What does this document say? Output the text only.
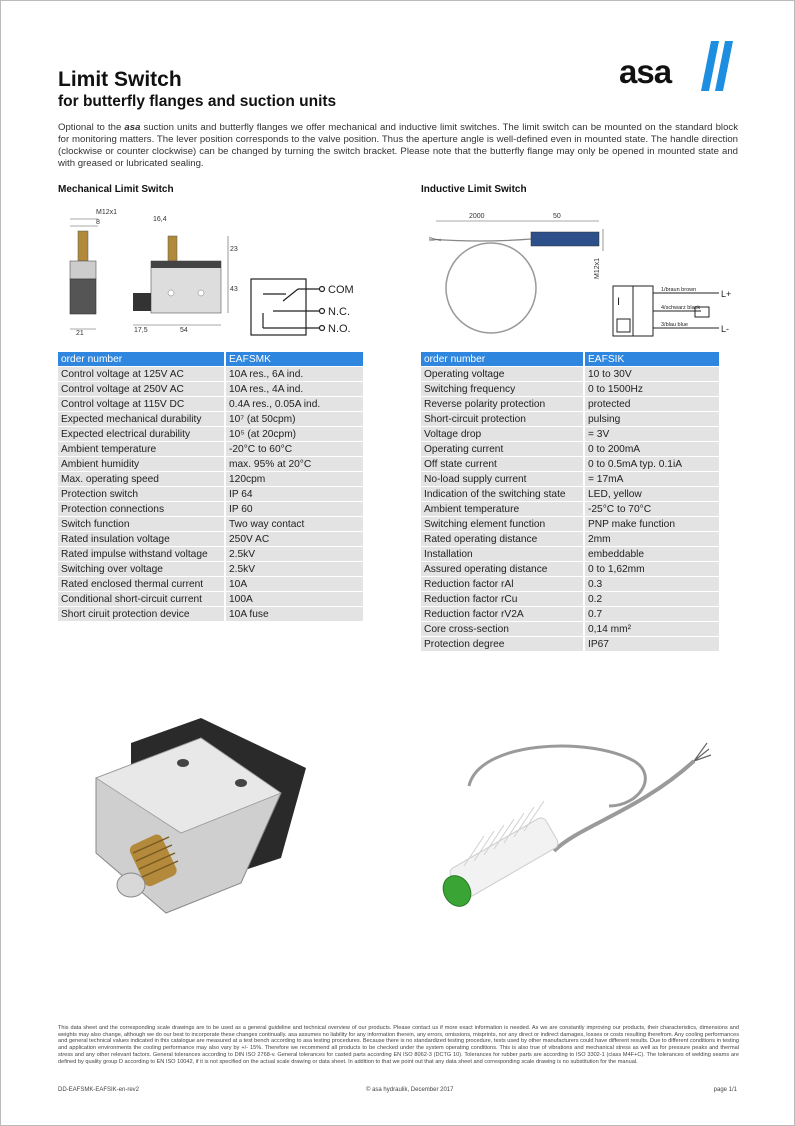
Limit Switch
for butterfly flanges and suction units
asa
Optional to the asa suction units and butterfly flanges we offer mechanical and inductive limit switches. The limit switch can be mounted on the standard block for monitoring matters. The lever position corresponds to the valve position. Thus the aperture angle is well-defined even in mounted state. The handle direction (clockwise or counter clockwise) can be changed by turning the switch bracket. Please note that the butterfly flange may only be opened in mounted state and with greased or lubricated sealing.
Mechanical Limit Switch
M12x1
8
21
16,4
23
43
17,5	54
COM
N.C.
N.O.
order number	EAFSMK
Control voltage at 125V AC	10A res., 6A ind.
Control voltage at 250V AC	10A res., 4A ind.
Control voltage at 115V DC	0.4A res., 0.05A ind.
Expected mechanical durability	10⁷ (at 50cpm)
Expected electrical durability	10⁵ (at 20cpm)
Ambient temperature	-20°C to 60°C
Ambient humidity	max. 95% at 20°C
Max. operating speed	120cpm
Protection switch	IP 64
Protection connections	IP 60
Switch function	Two way contact
Rated insulation voltage	250V AC
Rated impulse withstand voltage	2.5kV
Switching over voltage	2.5kV
Rated enclosed thermal current	10A
Conditional short-circuit current	100A
Short ciruit protection device	10A fuse
Inductive Limit Switch
2000	50
M12x1
I
1/braun brown
4/schwarz black
3/blau blue
L+
L-
order number	EAFSIK
Operating voltage	10 to 30V
Switching frequency	0 to 1500Hz
Reverse polarity protection	protected
Short-circuit protection	pulsing
Voltage drop	= 3V
Operating current	0 to 200mA
Off state current	0 to 0.5mA typ. 0.1iA
No-load supply current	= 17mA
Indication of the switching state	LED, yellow
Ambient temperature	-25°C to 70°C
Switching element function	PNP make function
Rated operating distance	2mm
Installation	embeddable
Assured operating distance	0 to 1,62mm
Reduction factor rAl	0.3
Reduction factor rCu	0.2
Reduction factor rV2A	0.7
Core cross-section	0,14 mm²
Protection degree	IP67
This data sheet and the corresponding scale drawings are to be used as a general guideline and technical overview of our products. Please contact us if more exact information is needed. As we are constantly improving our products, their characteristics, dimensions and weights may also change, although we do our best to incorporate these changes continually. asa assumes no liability for any information therein, any errors, omissions, misprints, nor any direct or indirect damages, losses or costs resulting therefrom. Any cooling performances and general technical values indicated in this catalogue are measured at a test bench according to asa testing procedures. Because there is no standardized testing procedure, tests used by other manufacturers could have different results. Due to different conditions in testing and application environments the cooling performance may also vary by +/- 15%. Therefore we recommend all products to be checked under the system operating conditions. This is also true of vibrations and mechanical stress as well as for pressure peaks and thermal stress and any other relevant factors. General tolerances according to DIN ISO 2768-v. General tolerances for casted parts according EN ISO 8062-3 (DCTG 10). Tolerances for rubber parts are according to ISO 3302-1 (class M4F+C). The tolerances of welding seams are defined by quality group D according to EN ISO 10042, if it is not specified on the actual scale drawing or data sheet. In addition to that we point out that any data sheet and corresponding scale drawing is no substitution for the manual.
DD-EAFSMK-EAFSIK-en-rev2	© asa hydraulik, December 2017	page 1/1
